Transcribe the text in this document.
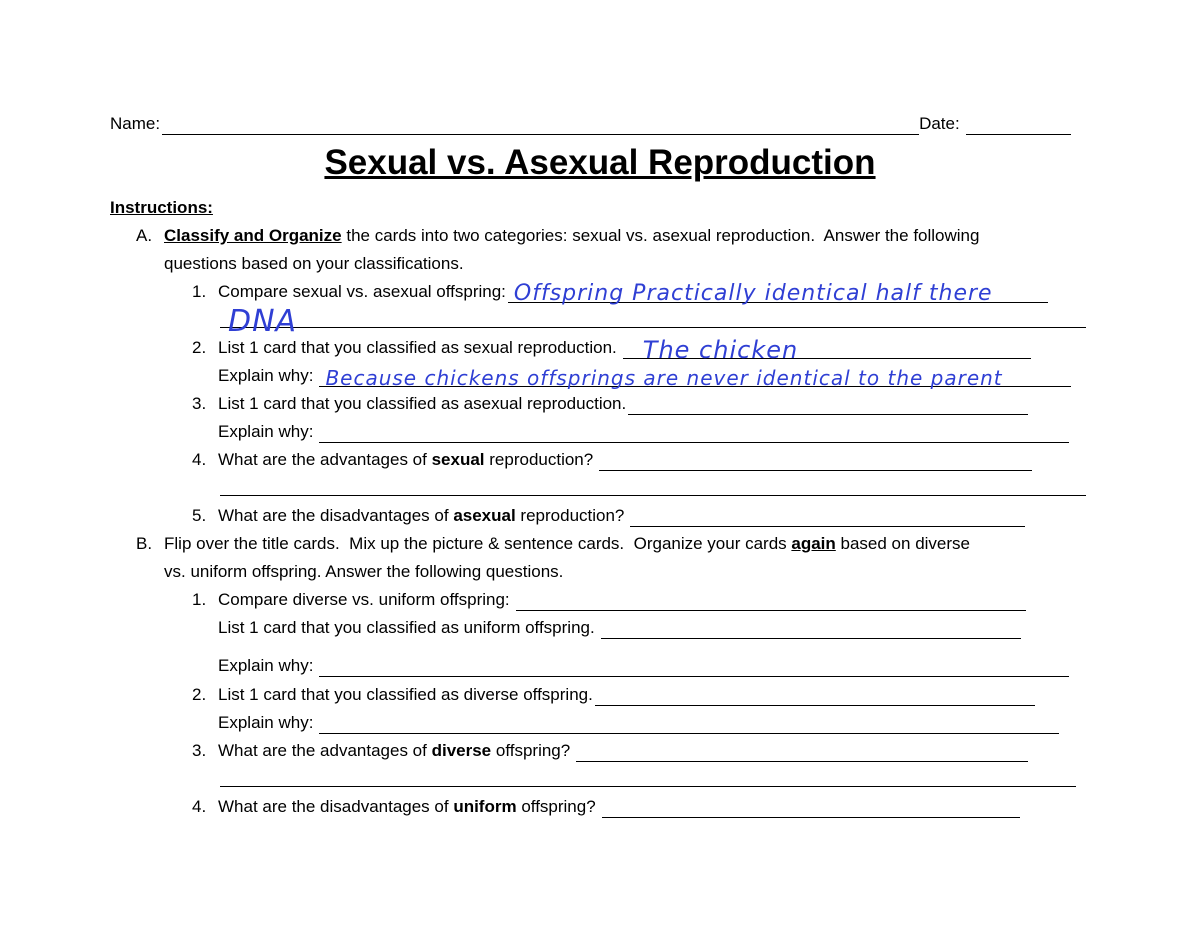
Name:	Date:
Sexual vs. Asexual Reproduction
Instructions:
A. Classify and Organize the cards into two categories: sexual vs. asexual reproduction.  Answer the following
questions based on your classifications.
1. Compare sexual vs. asexual offspring: Offspring Practically identical half there
DNA
2. List 1 card that you classified as sexual reproduction. The chicken
Explain why: Because chickens offsprings are never identical to the parent
3. List 1 card that you classified as asexual reproduction.
Explain why:
4. What are the advantages of sexual reproduction?
5. What are the disadvantages of asexual reproduction?
B. Flip over the title cards.  Mix up the picture & sentence cards.  Organize your cards again based on diverse
vs. uniform offspring. Answer the following questions.
1. Compare diverse vs. uniform offspring:
List 1 card that you classified as uniform offspring.
Explain why:
2. List 1 card that you classified as diverse offspring.
Explain why:
3. What are the advantages of diverse offspring?
4. What are the disadvantages of uniform offspring?
